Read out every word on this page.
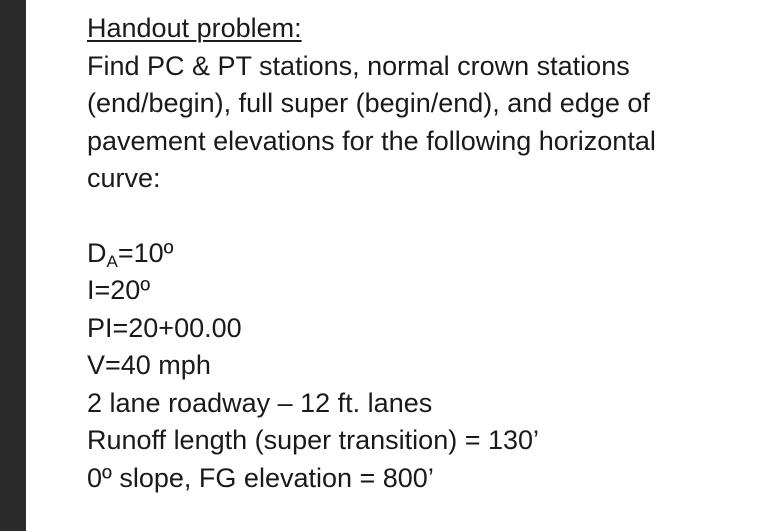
Handout problem:

Find PC & PT stations, normal crown stations

(end/begin), full super (begin/end), and edge of

pavement elevations for the following horizontal

curve:

$D_A=10º$

I=20º

PI=20+00.00

V=40 mph

2 lane roadway – 12 ft. lanes

Runoff length (super transition) = 130’

0º slope, FG elevation = 800’
